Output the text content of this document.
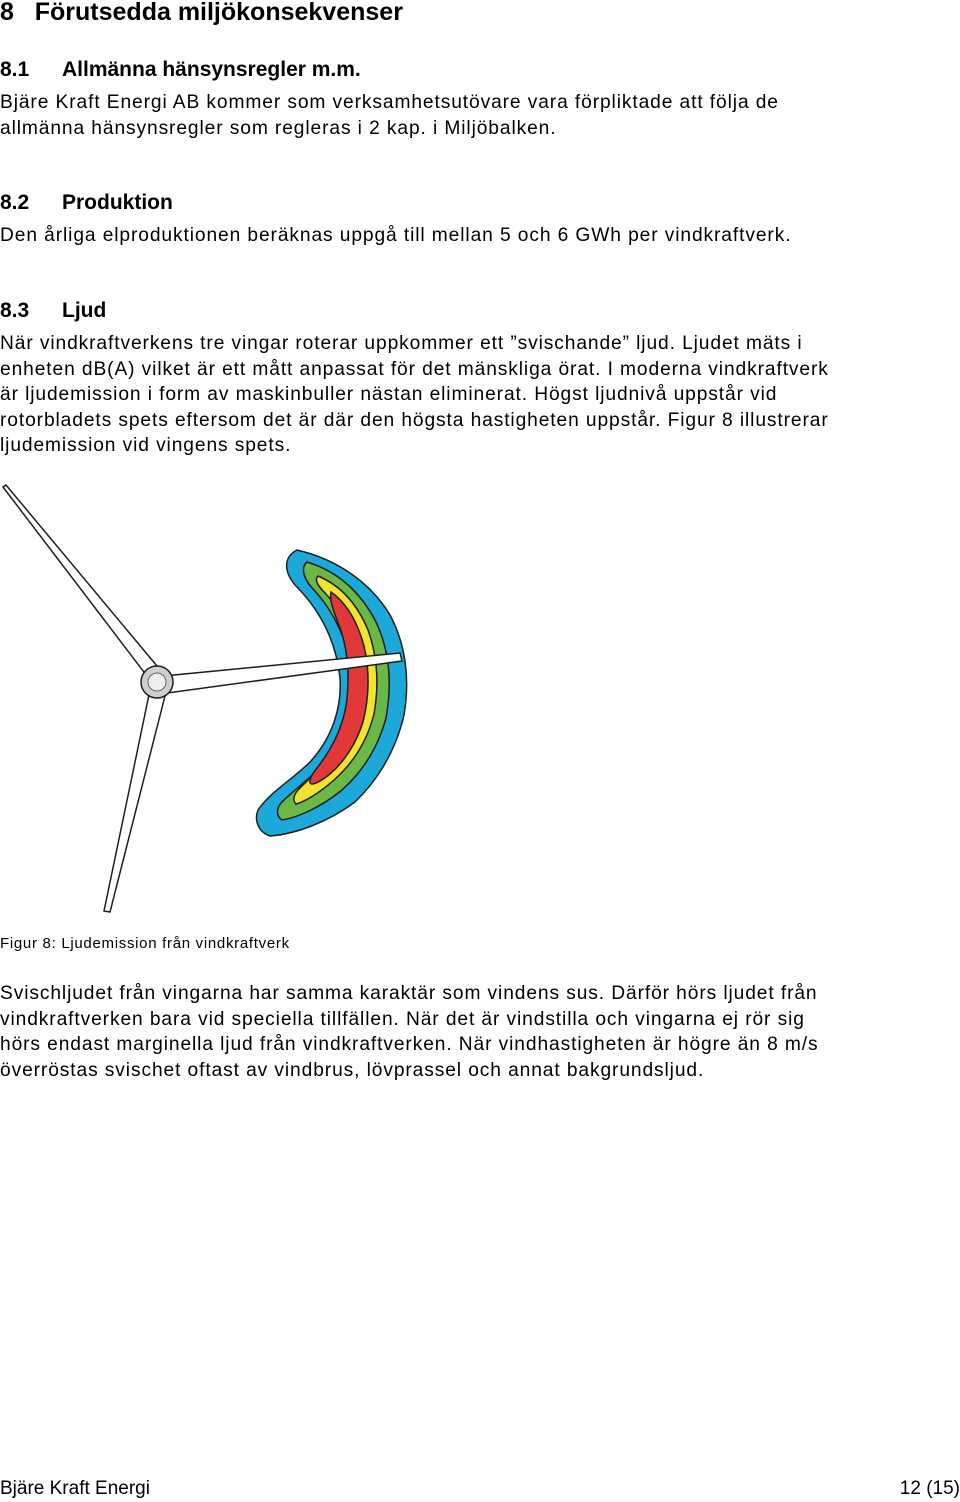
8 Förutsedda miljökonsekvenser
8.1 Allmänna hänsynsregler m.m.
Bjäre Kraft Energi AB kommer som verksamhetsutövare vara förpliktade att följa de
allmänna hänsynsregler som regleras i 2 kap. i Miljöbalken.
8.2 Produktion
Den årliga elproduktionen beräknas uppgå till mellan 5 och 6 GWh per vindkraftverk.
8.3 Ljud
När vindkraftverkens tre vingar roterar uppkommer ett ”svischande” ljud. Ljudet mäts i
enheten dB(A) vilket är ett mått anpassat för det mänskliga örat. I moderna vindkraftverk
är ljudemission i form av maskinbuller nästan eliminerat. Högst ljudnivå uppstår vid
rotorbladets spets eftersom det är där den högsta hastigheten uppstår. Figur 8 illustrerar
ljudemission vid vingens spets.
Figur 8: Ljudemission från vindkraftverk
Svischljudet från vingarna har samma karaktär som vindens sus. Därför hörs ljudet från
vindkraftverken bara vid speciella tillfällen. När det är vindstilla och vingarna ej rör sig
hörs endast marginella ljud från vindkraftverken. När vindhastigheten är högre än 8 m/s
överröstas svischet oftast av vindbrus, lövprassel och annat bakgrundsljud.
Bjäre Kraft Energi	12 (15)
